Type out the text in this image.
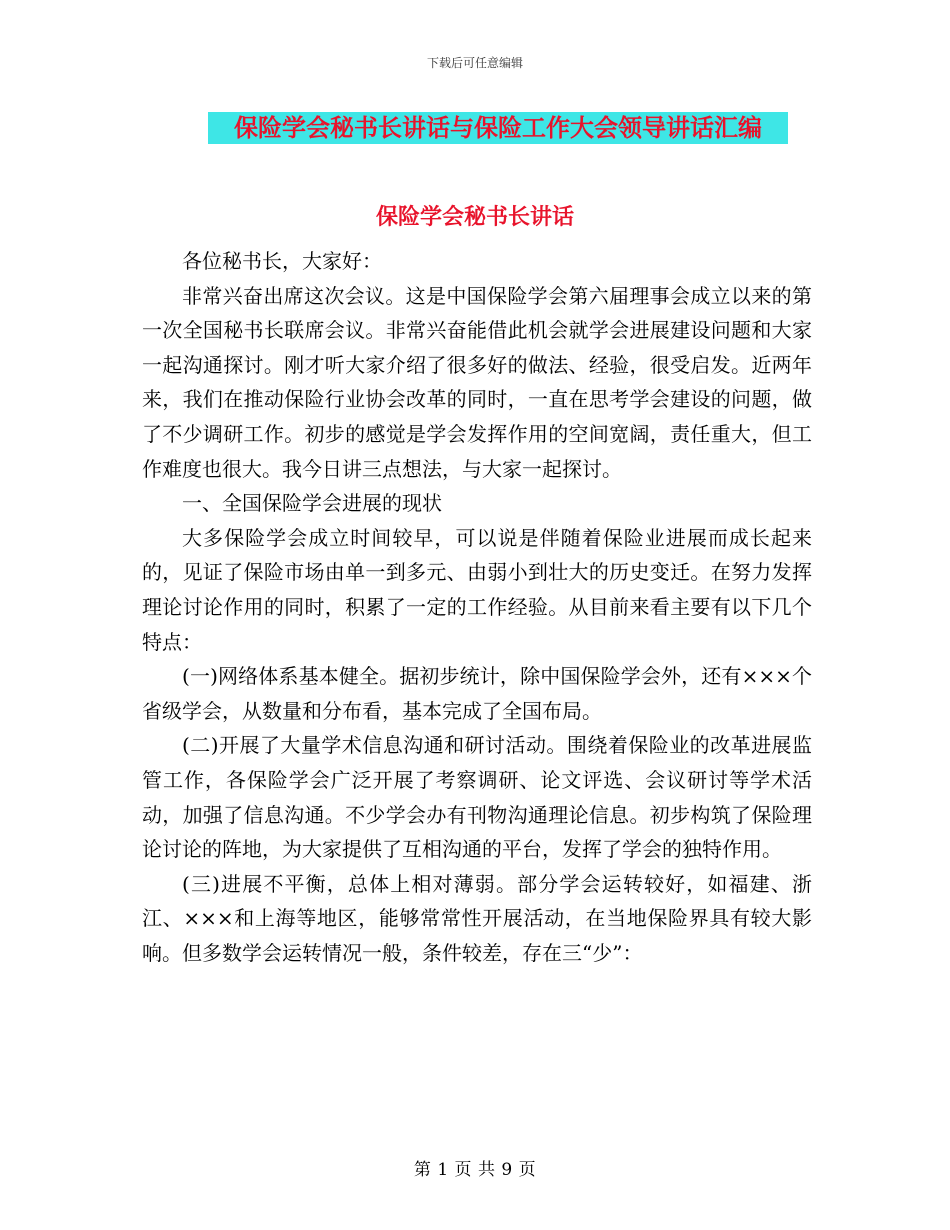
下载后可任意编辑
保险学会秘书长讲话与保险工作大会领导讲话汇编
保险学会秘书长讲话

各位秘书长，大家好：

非常兴奋出席这次会议。这是中国保险学会第六届理事会成立以来的第一次全国秘书长联席会议。非常兴奋能借此机会就学会进展建设问题和大家一起沟通探讨。刚才听大家介绍了很多好的做法、经验，很受启发。近两年来，我们在推动保险行业协会改革的同时，一直在思考学会建设的问题，做了不少调研工作。初步的感觉是学会发挥作用的空间宽阔，责任重大，但工作难度也很大。我今日讲三点想法，与大家一起探讨。

一、全国保险学会进展的现状

大多保险学会成立时间较早，可以说是伴随着保险业进展而成长起来的，见证了保险市场由单一到多元、由弱小到壮大的历史变迁。在努力发挥理论讨论作用的同时，积累了一定的工作经验。从目前来看主要有以下几个特点：

(一)网络体系基本健全。据初步统计，除中国保险学会外，还有×××个省级学会，从数量和分布看，基本完成了全国布局。

(二)开展了大量学术信息沟通和研讨活动。围绕着保险业的改革进展监管工作，各保险学会广泛开展了考察调研、论文评选、会议研讨等学术活动，加强了信息沟通。不少学会办有刊物沟通理论信息。初步构筑了保险理论讨论的阵地，为大家提供了互相沟通的平台，发挥了学会的独特作用。

(三)进展不平衡，总体上相对薄弱。部分学会运转较好，如福建、浙江、×××和上海等地区，能够常常性开展活动，在当地保险界具有较大影响。但多数学会运转情况一般，条件较差，存在三“少”：

第 1 页 共 9 页
